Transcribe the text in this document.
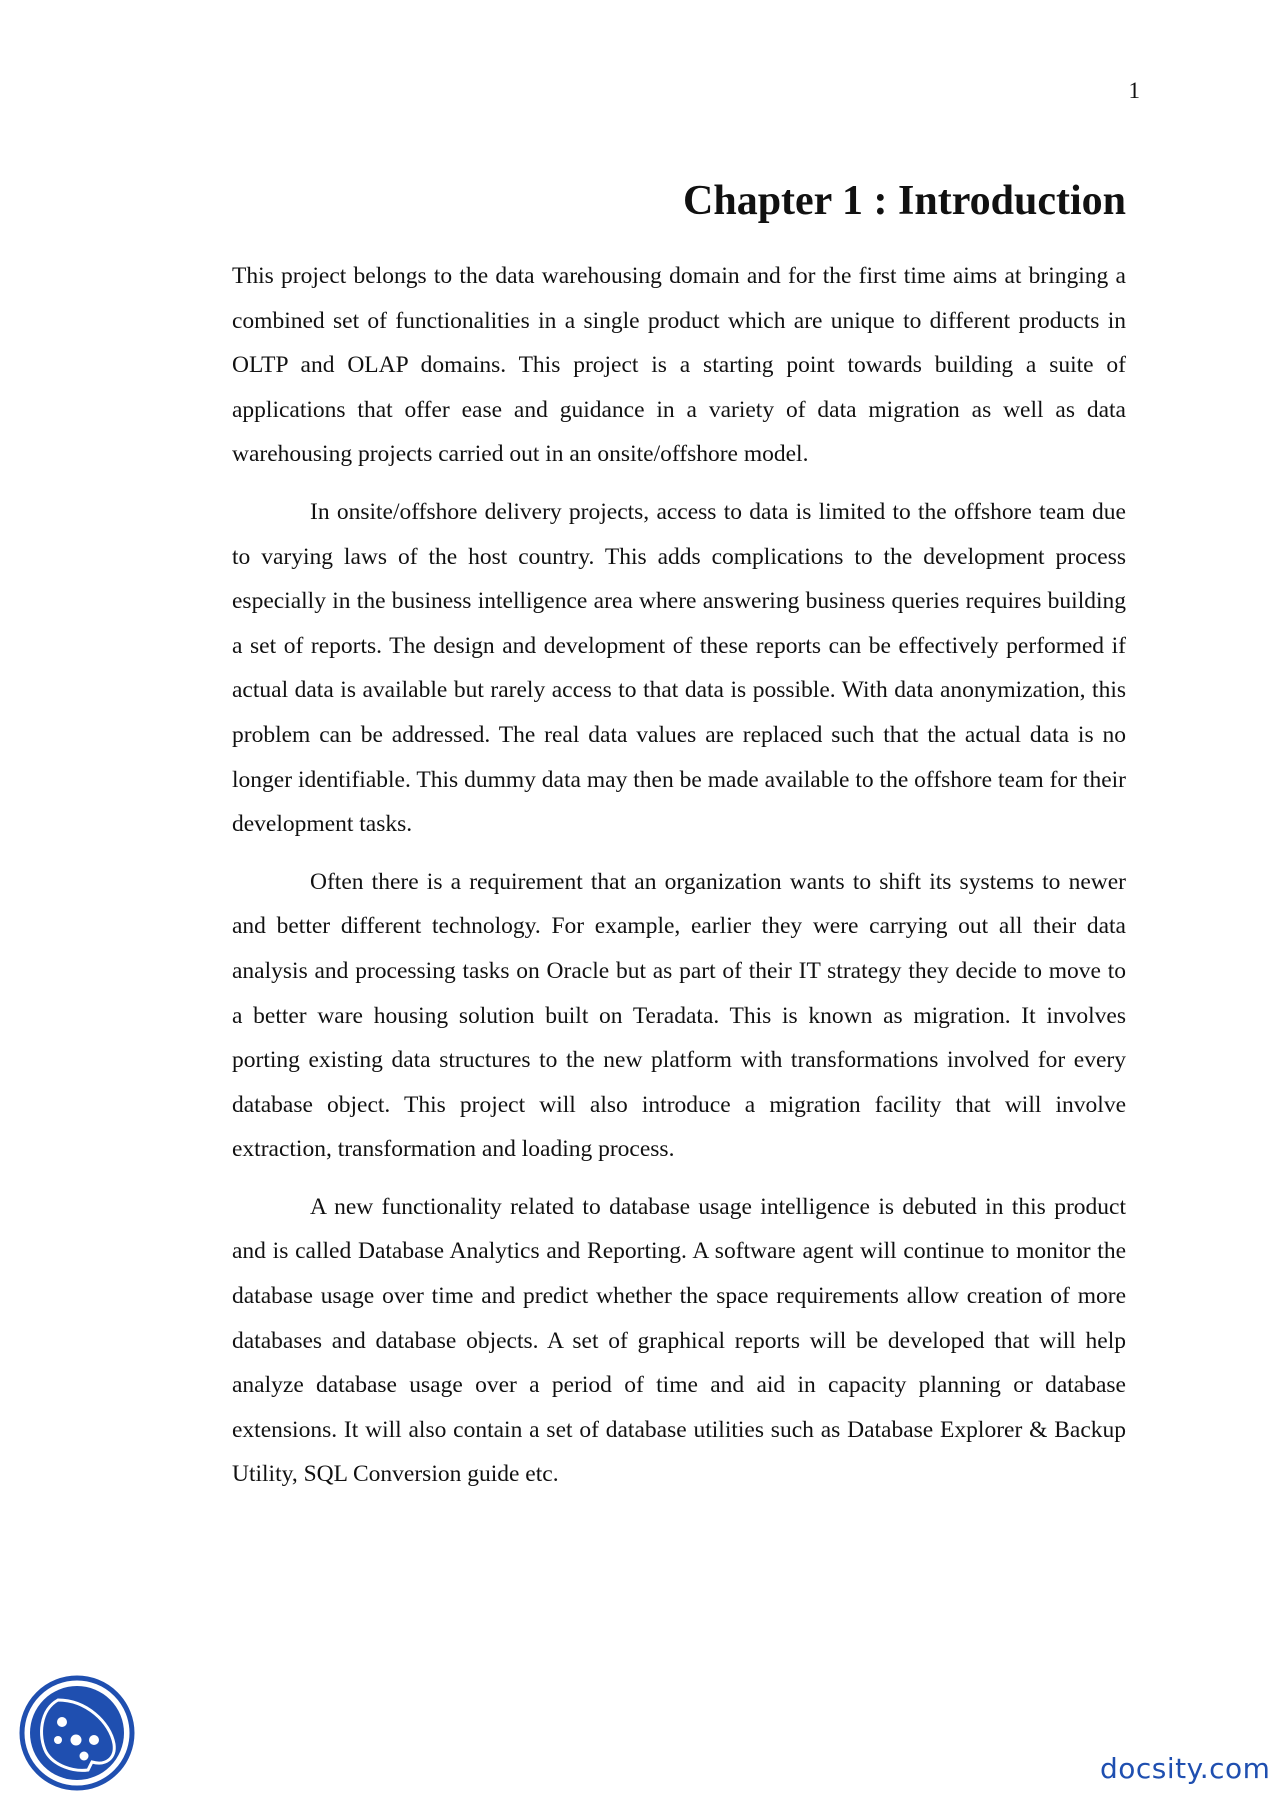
1
Chapter 1 : Introduction

This project belongs to the data warehousing domain and for the first time aims at bringing a combined set of functionalities in a single product which are unique to different products in OLTP and OLAP domains. This project is a starting point towards building a suite of applications that offer ease and guidance in a variety of data migration as well as data warehousing projects carried out in an onsite/offshore model.

In onsite/offshore delivery projects, access to data is limited to the offshore team due to varying laws of the host country. This adds complications to the development process especially in the business intelligence area where answering business queries requires building a set of reports. The design and development of these reports can be effectively performed if actual data is available but rarely access to that data is possible. With data anonymization, this problem can be addressed. The real data values are replaced such that the actual data is no longer identifiable. This dummy data may then be made available to the offshore team for their development tasks.

Often there is a requirement that an organization wants to shift its systems to newer and better different technology. For example, earlier they were carrying out all their data analysis and processing tasks on Oracle but as part of their IT strategy they decide to move to a better ware housing solution built on Teradata. This is known as migration. It involves porting existing data structures to the new platform with transformations involved for every database object. This project will also introduce a migration facility that will involve extraction, transformation and loading process.

A new functionality related to database usage intelligence is debuted in this product and is called Database Analytics and Reporting. A software agent will continue to monitor the database usage over time and predict whether the space requirements allow creation of more databases and database objects. A set of graphical reports will be developed that will help analyze database usage over a period of time and aid in capacity planning or database extensions. It will also contain a set of database utilities such as Database Explorer & Backup Utility, SQL Conversion guide etc.

docsity.com
